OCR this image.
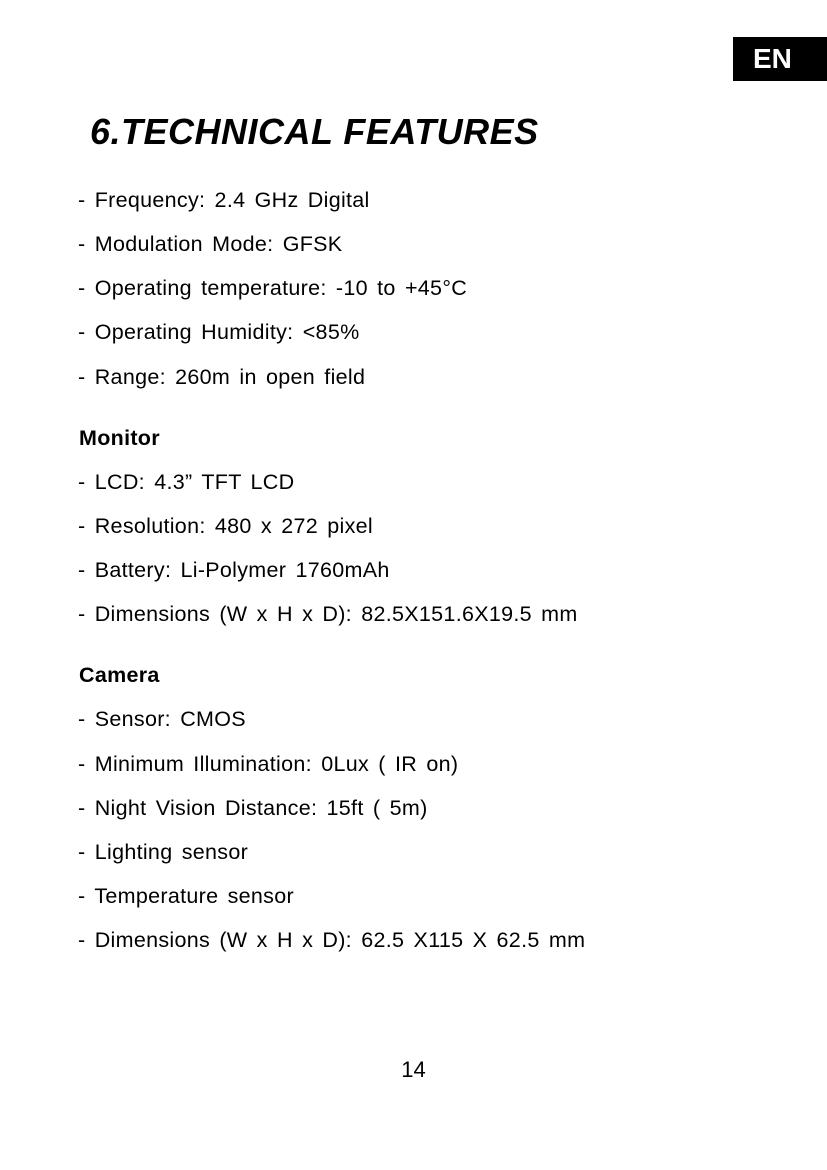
EN
6.TECHNICAL FEATURES
- Frequency: 2.4 GHz Digital
- Modulation Mode: GFSK
- Operating temperature: -10 to +45°C
- Operating Humidity: <85%
- Range: 260m in open field
Monitor
- LCD: 4.3” TFT LCD
- Resolution: 480 x 272 pixel
- Battery: Li-Polymer 1760mAh
- Dimensions (W x H x D): 82.5X151.6X19.5 mm
Camera
- Sensor: CMOS
- Minimum Illumination: 0Lux ( IR on)
- Night Vision Distance: 15ft ( 5m)
- Lighting sensor
- Temperature sensor
- Dimensions (W x H x D): 62.5 X115 X 62.5 mm
14
